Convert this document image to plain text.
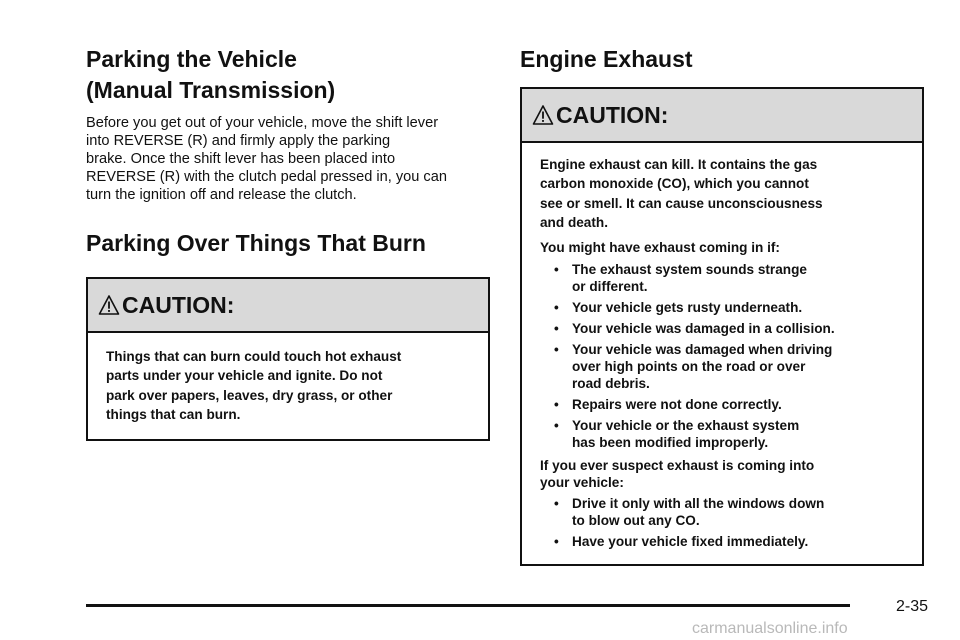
Parking the Vehicle
(Manual Transmission)
Before you get out of your vehicle, move the shift lever
into REVERSE (R) and firmly apply the parking
brake. Once the shift lever has been placed into
REVERSE (R) with the clutch pedal pressed in, you can
turn the ignition off and release the clutch.
Parking Over Things That Burn
CAUTION:
Things that can burn could touch hot exhaust
parts under your vehicle and ignite. Do not
park over papers, leaves, dry grass, or other
things that can burn.
Engine Exhaust
CAUTION:

Engine exhaust can kill. It contains the gas
carbon monoxide (CO), which you cannot
see or smell. It can cause unconsciousness
and death.

You might have exhaust coming in if:

• The exhaust system sounds strange
or different.
• Your vehicle gets rusty underneath.
• Your vehicle was damaged in a collision.
• Your vehicle was damaged when driving
over high points on the road or over
road debris.
• Repairs were not done correctly.
• Your vehicle or the exhaust system
has been modified improperly.

If you ever suspect exhaust is coming into
your vehicle:

• Drive it only with all the windows down
to blow out any CO.
• Have your vehicle fixed immediately.
2-35
carmanualsonline.info
